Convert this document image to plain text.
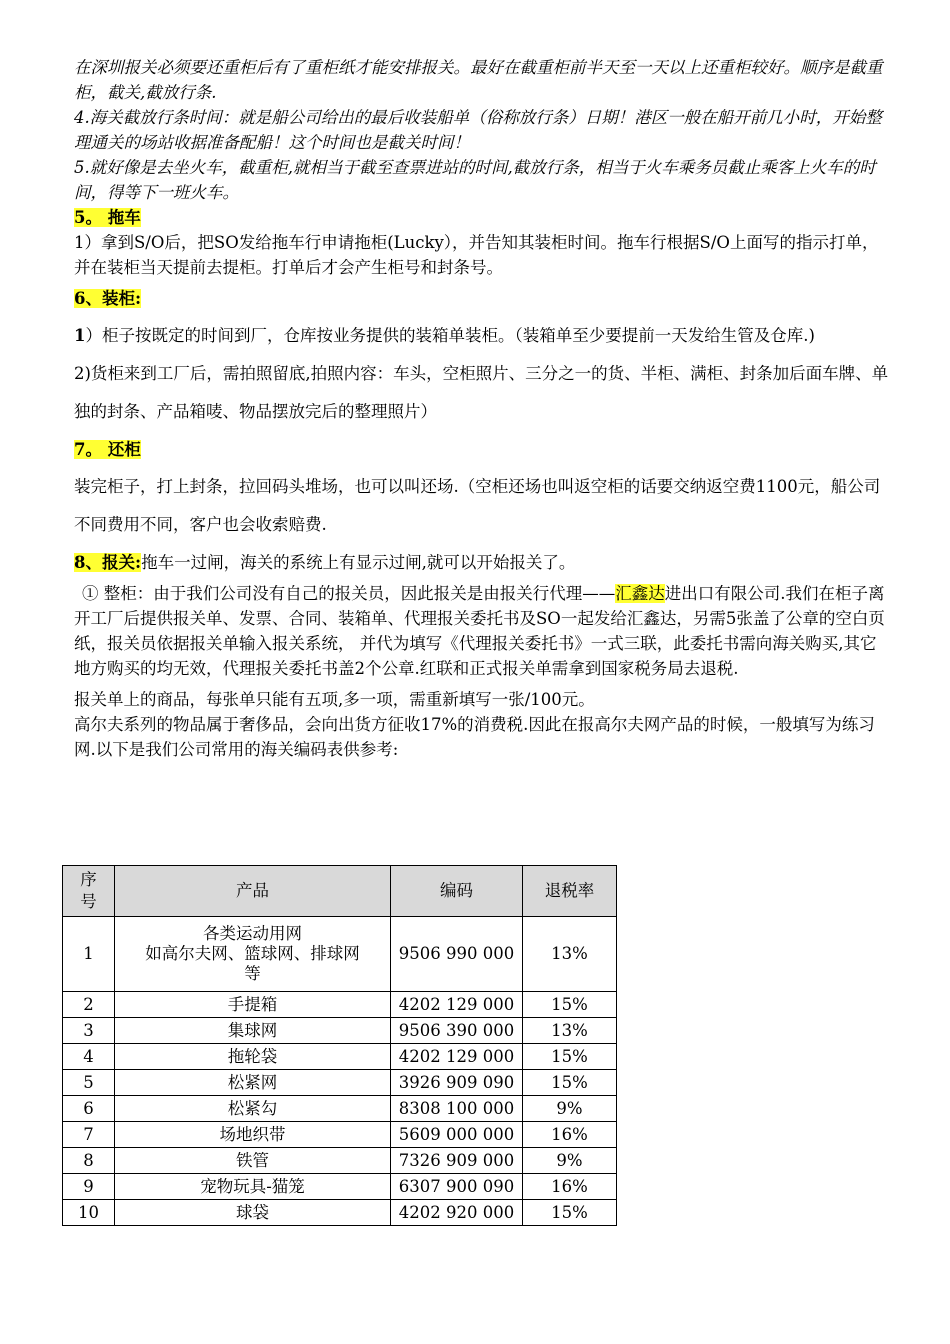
在深圳报关必须要还重柜后有了重柜纸才能安排报关。最好在截重柜前半天至一天以上还重柜较好。顺序是截重柜，截关,截放行条.

4.海关截放行条时间：就是船公司给出的最后收装船单（俗称放行条）日期！港区一般在船开前几小时，开始整理通关的场站收据准备配船！这个时间也是截关时间！

5.就好像是去坐火车，截重柜,就相当于截至查票进站的时间,截放行条，相当于火车乘务员截止乘客上火车的时间，得等下一班火车。

5。 拖车

1）拿到S/O后，把SO发给拖车行申请拖柜(Lucky），并告知其装柜时间。拖车行根据S/O上面写的指示打单，并在装柜当天提前去提柜。打单后才会产生柜号和封条号。

6、装柜:

1）柜子按既定的时间到厂，仓库按业务提供的装箱单装柜。（装箱单至少要提前一天发给生管及仓库.)

2)货柜来到工厂后，需拍照留底,拍照内容：车头，空柜照片、三分之一的货、半柜、满柜、封条加后面车牌、单独的封条、产品箱唛、物品摆放完后的整理照片）

7。 还柜

装完柜子，打上封条，拉回码头堆场，也可以叫还场.（空柜还场也叫返空柜的话要交纳返空费1100元，船公司不同费用不同，客户也会收索赔费.

8、报关:拖车一过闸，海关的系统上有显示过闸,就可以开始报关了。

① 整柜：由于我们公司没有自己的报关员，因此报关是由报关行代理——汇鑫达进出口有限公司.我们在柜子离开工厂后提供报关单、发票、合同、装箱单、代理报关委托书及SO一起发给汇鑫达，另需5张盖了公章的空白页纸，报关员依据报关单输入报关系统， 并代为填写《代理报关委托书》一式三联，此委托书需向海关购买,其它地方购买的均无效，代理报关委托书盖2个公章.红联和正式报关单需拿到国家税务局去退税.

报关单上的商品，每张单只能有五项,多一项，需重新填写一张/100元。

高尔夫系列的物品属于奢侈品，会向出货方征收17%的消费税.因此在报高尔夫网产品的时候，一般填写为练习网.以下是我们公司常用的海关编码表供参考:

序号	产品	编码	退税率
1	各类运动用网
如高尔夫网、篮球网、排球网
等	9506 990 000	13%
2	手提箱	4202 129 000	15%
3	集球网	9506 390 000	13%
4	拖轮袋	4202 129 000	15%
5	松紧网	3926 909 090	15%
6	松紧勾	8308 100 000	9%
7	场地织带	5609 000 000	16%
8	铁管	7326 909 000	9%
9	宠物玩具-猫笼	6307 900 090	16%
10	球袋	4202 920 000	15%
